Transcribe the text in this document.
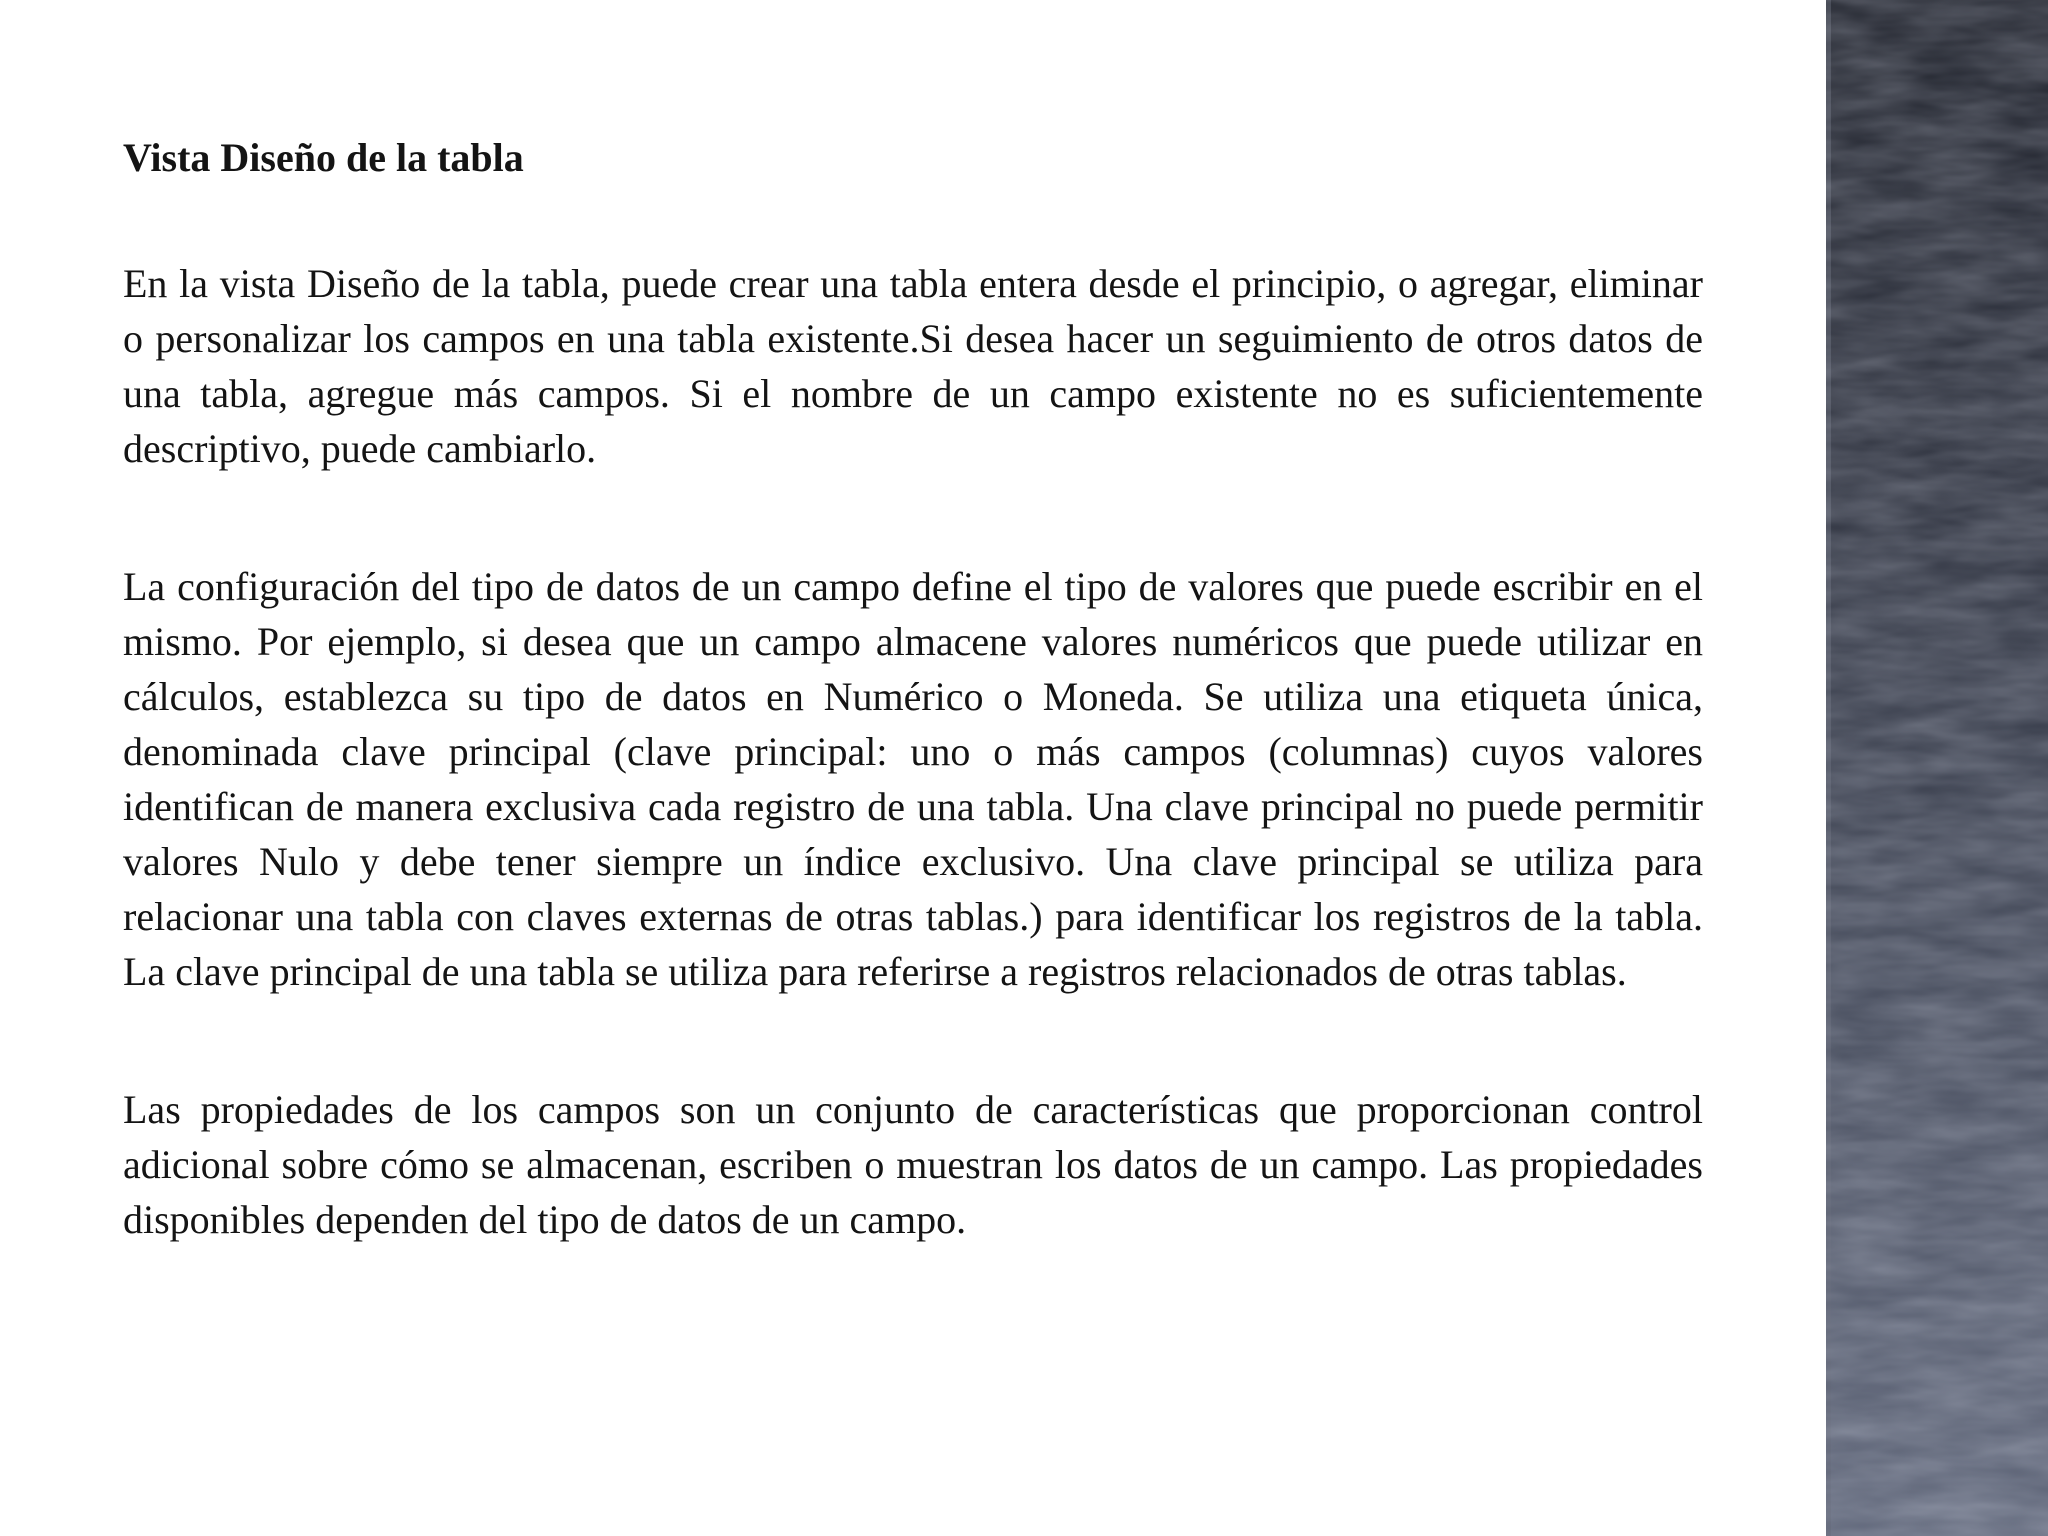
Vista Diseño de la tabla

En la vista Diseño de la tabla, puede crear una tabla entera desde el principio, o agregar, eliminar o personalizar los campos en una tabla existente.Si desea hacer un seguimiento de otros datos de una tabla, agregue más campos. Si el nombre de un campo existente no es suficientemente descriptivo, puede cambiarlo.

La configuración del tipo de datos de un campo define el tipo de valores que puede escribir en el mismo. Por ejemplo, si desea que un campo almacene valores numéricos que puede utilizar en cálculos, establezca su tipo de datos en Numérico o Moneda. Se utiliza una etiqueta única, denominada clave principal (clave principal: uno o más campos (columnas) cuyos valores identifican de manera exclusiva cada registro de una tabla. Una clave principal no puede permitir valores Nulo y debe tener siempre un índice exclusivo. Una clave principal se utiliza para relacionar una tabla con claves externas de otras tablas.) para identificar los registros de la tabla. La clave principal de una tabla se utiliza para referirse a registros relacionados de otras tablas.

Las propiedades de los campos son un conjunto de características que proporcionan control adicional sobre cómo se almacenan, escriben o muestran los datos de un campo. Las propiedades disponibles dependen del tipo de datos de un campo.
